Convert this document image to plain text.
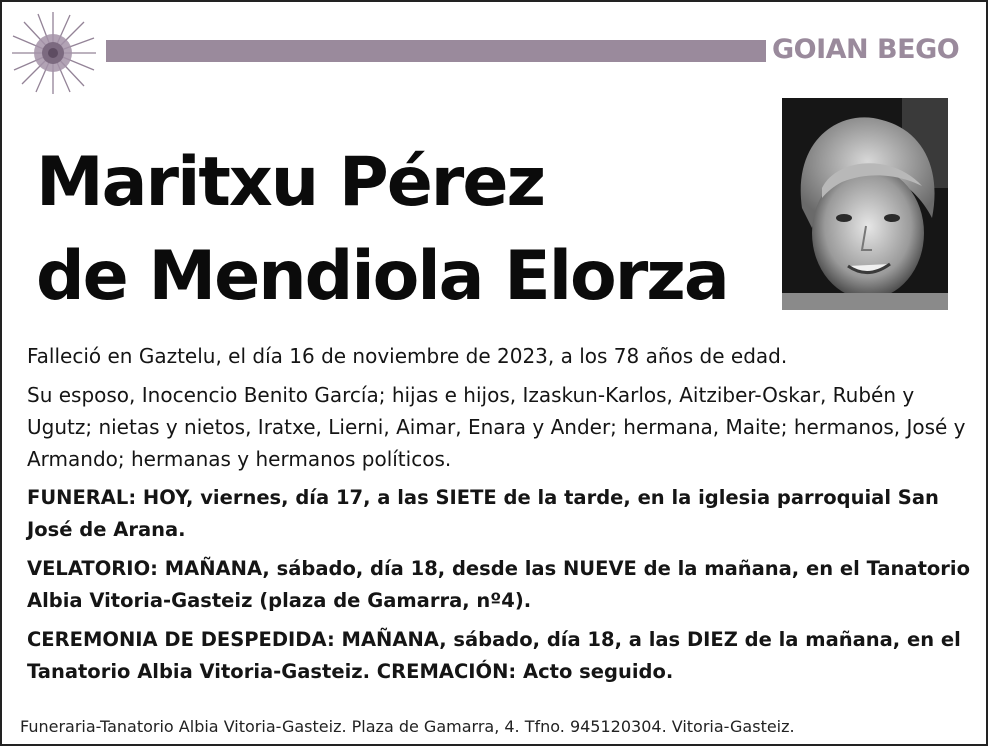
GOIAN BEGO
Maritxu Pérez
de Mendiola Elorza

Falleció en Gaztelu, el día 16 de noviembre de 2023, a los 78 años de edad.

Su esposo, Inocencio Benito García; hijas e hijos, Izaskun-Karlos, Aitziber-Oskar, Rubén y Ugutz; nietas y nietos, Iratxe, Lierni, Aimar, Enara y Ander; hermana, Maite; hermanos, José y Armando; hermanas y hermanos políticos.

FUNERAL: HOY, viernes, día 17, a las SIETE de la tarde, en la iglesia parroquial San José de Arana.

VELATORIO: MAÑANA, sábado, día 18, desde las NUEVE de la mañana, en el Tanatorio Albia Vitoria-Gasteiz (plaza de Gamarra, nº4).

CEREMONIA DE DESPEDIDA: MAÑANA, sábado, día 18, a las DIEZ de la mañana, en el Tanatorio Albia Vitoria-Gasteiz. CREMACIÓN: Acto seguido.

Funeraria-Tanatorio Albia Vitoria-Gasteiz. Plaza de Gamarra, 4. Tfno. 945120304. Vitoria-Gasteiz.
